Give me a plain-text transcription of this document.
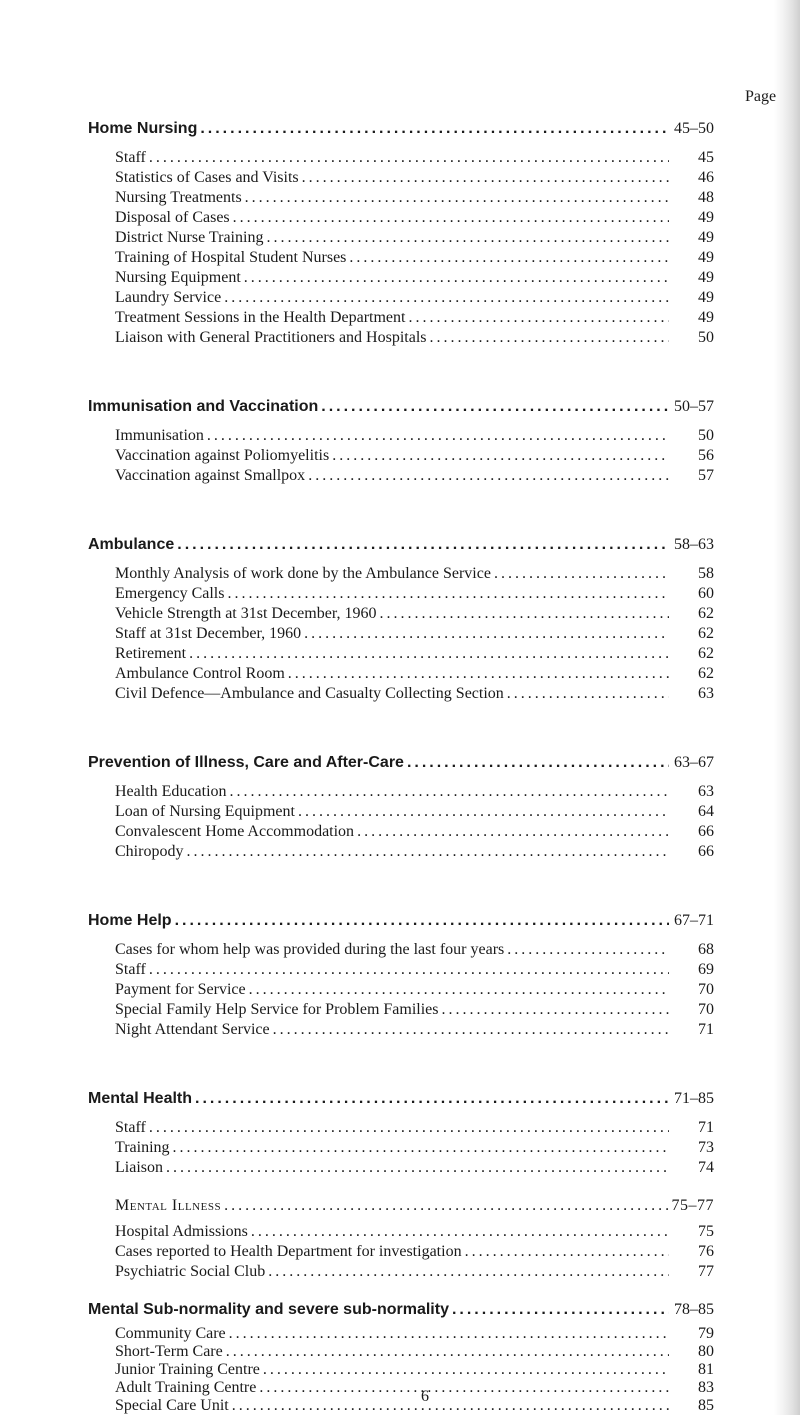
Page
Home Nursing .....	45–50
Staff .....	45
Statistics of Cases and Visits .....	46
Nursing Treatments .....	48
Disposal of Cases .....	49
District Nurse Training .....	49
Training of Hospital Student Nurses .....	49
Nursing Equipment .....	49
Laundry Service .....	49
Treatment Sessions in the Health Department .....	49
Liaison with General Practitioners and Hospitals .....	50
Immunisation and Vaccination .....	50–57
Immunisation .....	50
Vaccination against Poliomyelitis .....	56
Vaccination against Smallpox .....	57
Ambulance .....	58–63
Monthly Analysis of work done by the Ambulance Service .....	58
Emergency Calls .....	60
Vehicle Strength at 31st December, 1960 .....	62
Staff at 31st December, 1960 .....	62
Retirement .....	62
Ambulance Control Room .....	62
Civil Defence—Ambulance and Casualty Collecting Section .....	63
Prevention of Illness, Care and After-Care .....	63–67
Health Education .....	63
Loan of Nursing Equipment .....	64
Convalescent Home Accommodation .....	66
Chiropody .....	66
Home Help .....	67–71
Cases for whom help was provided during the last four years .....	68
Staff .....	69
Payment for Service .....	70
Special Family Help Service for Problem Families .....	70
Night Attendant Service .....	71
Mental Health .....	71–85
Staff .....	71
Training .....	73
Liaison .....	74
Mental Illness .....	75–77
Hospital Admissions .....	75
Cases reported to Health Department for investigation .....	76
Psychiatric Social Club .....	77
Mental Sub-normality and severe sub-normality .....	78–85
Community Care .....	79
Short-Term Care .....	80
Junior Training Centre .....	81
Adult Training Centre .....	83
Special Care Unit .....	85
6
